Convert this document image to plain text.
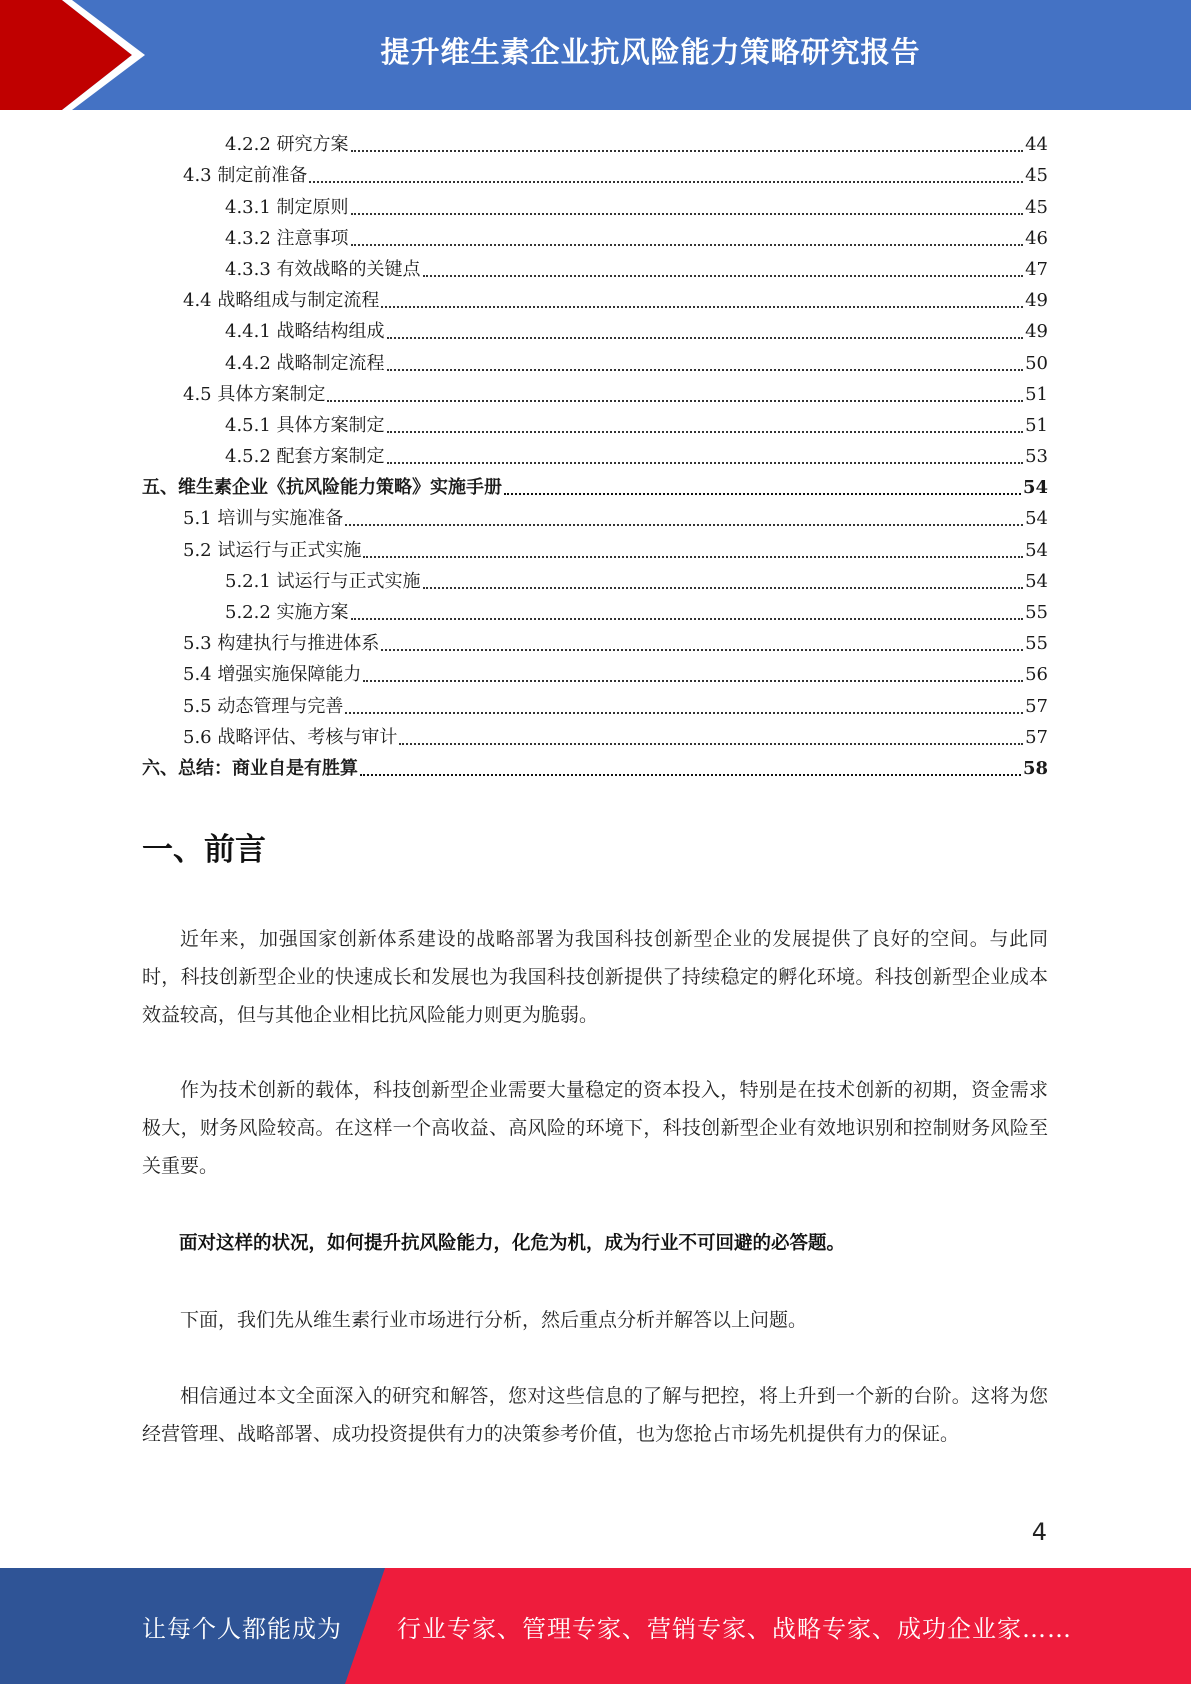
提升维生素企业抗风险能力策略研究报告
4.2.2 研究方案	44
4.3 制定前准备	45
4.3.1 制定原则	45
4.3.2 注意事项	46
4.3.3 有效战略的关键点	47
4.4 战略组成与制定流程	49
4.4.1 战略结构组成	49
4.4.2 战略制定流程	50
4.5 具体方案制定	51
4.5.1 具体方案制定	51
4.5.2 配套方案制定	53
五、维生素企业《抗风险能力策略》实施手册	54
5.1 培训与实施准备	54
5.2 试运行与正式实施	54
5.2.1 试运行与正式实施	54
5.2.2 实施方案	55
5.3 构建执行与推进体系	55
5.4 增强实施保障能力	56
5.5 动态管理与完善	57
5.6 战略评估、考核与审计	57
六、总结：商业自是有胜算	58
一、前言
近年来，加强国家创新体系建设的战略部署为我国科技创新型企业的发展提供了良好的空间。与此同时，科技创新型企业的快速成长和发展也为我国科技创新提供了持续稳定的孵化环境。科技创新型企业成本效益较高，但与其他企业相比抗风险能力则更为脆弱。
作为技术创新的载体，科技创新型企业需要大量稳定的资本投入，特别是在技术创新的初期，资金需求极大，财务风险较高。在这样一个高收益、高风险的环境下，科技创新型企业有效地识别和控制财务风险至关重要。
面对这样的状况，如何提升抗风险能力，化危为机，成为行业不可回避的必答题。
下面，我们先从维生素行业市场进行分析，然后重点分析并解答以上问题。
相信通过本文全面深入的研究和解答，您对这些信息的了解与把控，将上升到一个新的台阶。这将为您经营管理、战略部署、成功投资提供有力的决策参考价值，也为您抢占市场先机提供有力的保证。
4
让每个人都能成为 行业专家、管理专家、营销专家、战略专家、成功企业家……
